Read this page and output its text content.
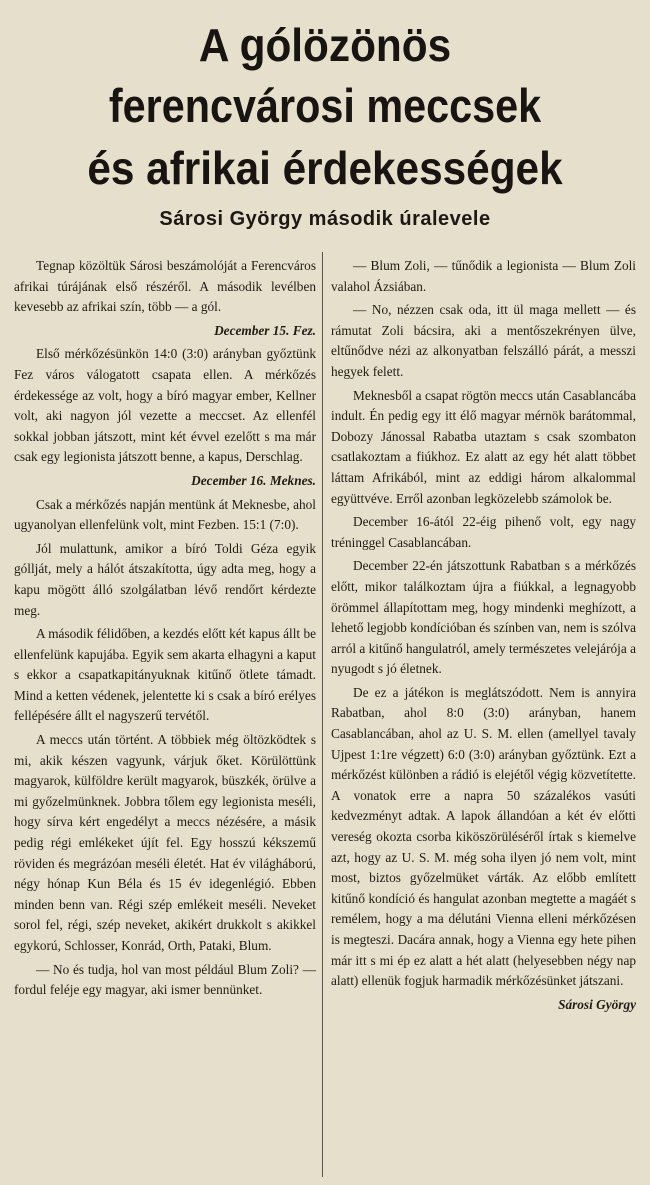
A gólözönös
ferencvárosi meccsek
és afrikai érdekességek
Sárosi György második úralevele

Tegnap közöltük Sárosi beszámolóját a Ferencváros afrikai túrájának első részéről. A második levélben kevesebb az afrikai szín, több — a gól.

December 15. Fez.

Első mérkőzésünkön 14:0 (3:0) arányban győztünk Fez város válogatott csapata ellen. A mérkőzés érdekessége az volt, hogy a bíró magyar ember, Kellner volt, aki nagyon jól vezette a meccset. Az ellenfél sokkal jobban játszott, mint két évvel ezelőtt s ma már csak egy legionista játszott benne, a kapus, Derschlag.

December 16. Meknes.

Csak a mérkőzés napján mentünk át Meknesbe, ahol ugyanolyan ellenfelünk volt, mint Fezben. 15:1 (7:0).

Jól mulattunk, amikor a bíró Toldi Géza egyik góllját, mely a hálót átszakította, úgy adta meg, hogy a kapu mögött álló szolgálatban lévő rendőrt kérdezte meg.

A második félidőben, a kezdés előtt két kapus állt be ellenfelünk kapujába. Egyik sem akarta elhagyni a kaput s ekkor a csapatkapitányuknak kitűnő ötlete támadt. Mind a ketten védenek, jelentette ki s csak a bíró erélyes fellépésére állt el nagyszerű tervétől.

A meccs után történt. A többiek még öltözködtek s mi, akik készen vagyunk, várjuk őket. Körülöttünk magyarok, külföldre került magyarok, büszkék, örülve a mi győzelmünknek. Jobbra tőlem egy legionista meséli, hogy sírva kért engedélyt a meccs nézésére, a másik pedig régi emlékeket újít fel. Egy hosszú kékszemű röviden és megrázóan meséli életét. Hat év világháború, négy hónap Kun Béla és 15 év idegenlégió. Ebben minden benn van. Régi szép emlékeit meséli. Neveket sorol fel, régi, szép neveket, akikért drukkolt s akikkel egykorú, Schlosser, Konrád, Orth, Pataki, Blum.

— No és tudja, hol van most például Blum Zoli? — fordul feléje egy magyar, aki ismer bennünket.

— Blum Zoli, — tűnődik a legionista — Blum Zoli valahol Ázsiában.

— No, nézzen csak oda, itt ül maga mellett — és rámutat Zoli bácsira, aki a mentőszekrényen ülve, eltűnődve nézi az alkonyatban felszálló párát, a messzi hegyek felett.

Meknesből a csapat rögtön meccs után Casablancába indult. Én pedig egy itt élő magyar mérnök barátommal, Dobozy Jánossal Rabatba utaztam s csak szombaton csatlakoztam a fiúkhoz. Ez alatt az egy hét alatt többet láttam Afrikából, mint az eddigi három alkalommal együttvéve. Erről azonban legközelebb számolok be.

December 16-ától 22-éig pihenő volt, egy nagy tréninggel Casablancában.

December 22-én játszottunk Rabatban s a mérkőzés előtt, mikor találkoztam újra a fiúkkal, a legnagyobb örömmel állapítottam meg, hogy mindenki meghízott, a lehető legjobb kondícióban és színben van, nem is szólva arról a kitűnő hangulatról, amely természetes velejárója a nyugodt s jó életnek.

De ez a játékon is meglátszódott. Nem is annyira Rabatban, ahol 8:0 (3:0) arányban, hanem Casablancában, ahol az U. S. M. ellen (amellyel tavaly Ujpest 1:1re végzett) 6:0 (3:0) arányban győztünk. Ezt a mérkőzést különben a rádió is elejétől végig közvetítette. A vonatok erre a napra 50 százalékos vasúti kedvezményt adtak. A lapok állandóan a két év előtti vereség okozta csorba kiköszörüléséről írtak s kiemelve azt, hogy az U. S. M. még soha ilyen jó nem volt, mint most, biztos győzelmüket várták. Az előbb említett kitűnő kondíció és hangulat azonban megtette a magáét s remélem, hogy a ma délutáni Vienna elleni mérkőzésen is megteszi. Dacára annak, hogy a Vienna egy hete pihen már itt s mi ép ez alatt a hét alatt (helyesebben négy nap alatt) ellenük fogjuk harmadik mérkőzésünket játszani.

Sárosi György
